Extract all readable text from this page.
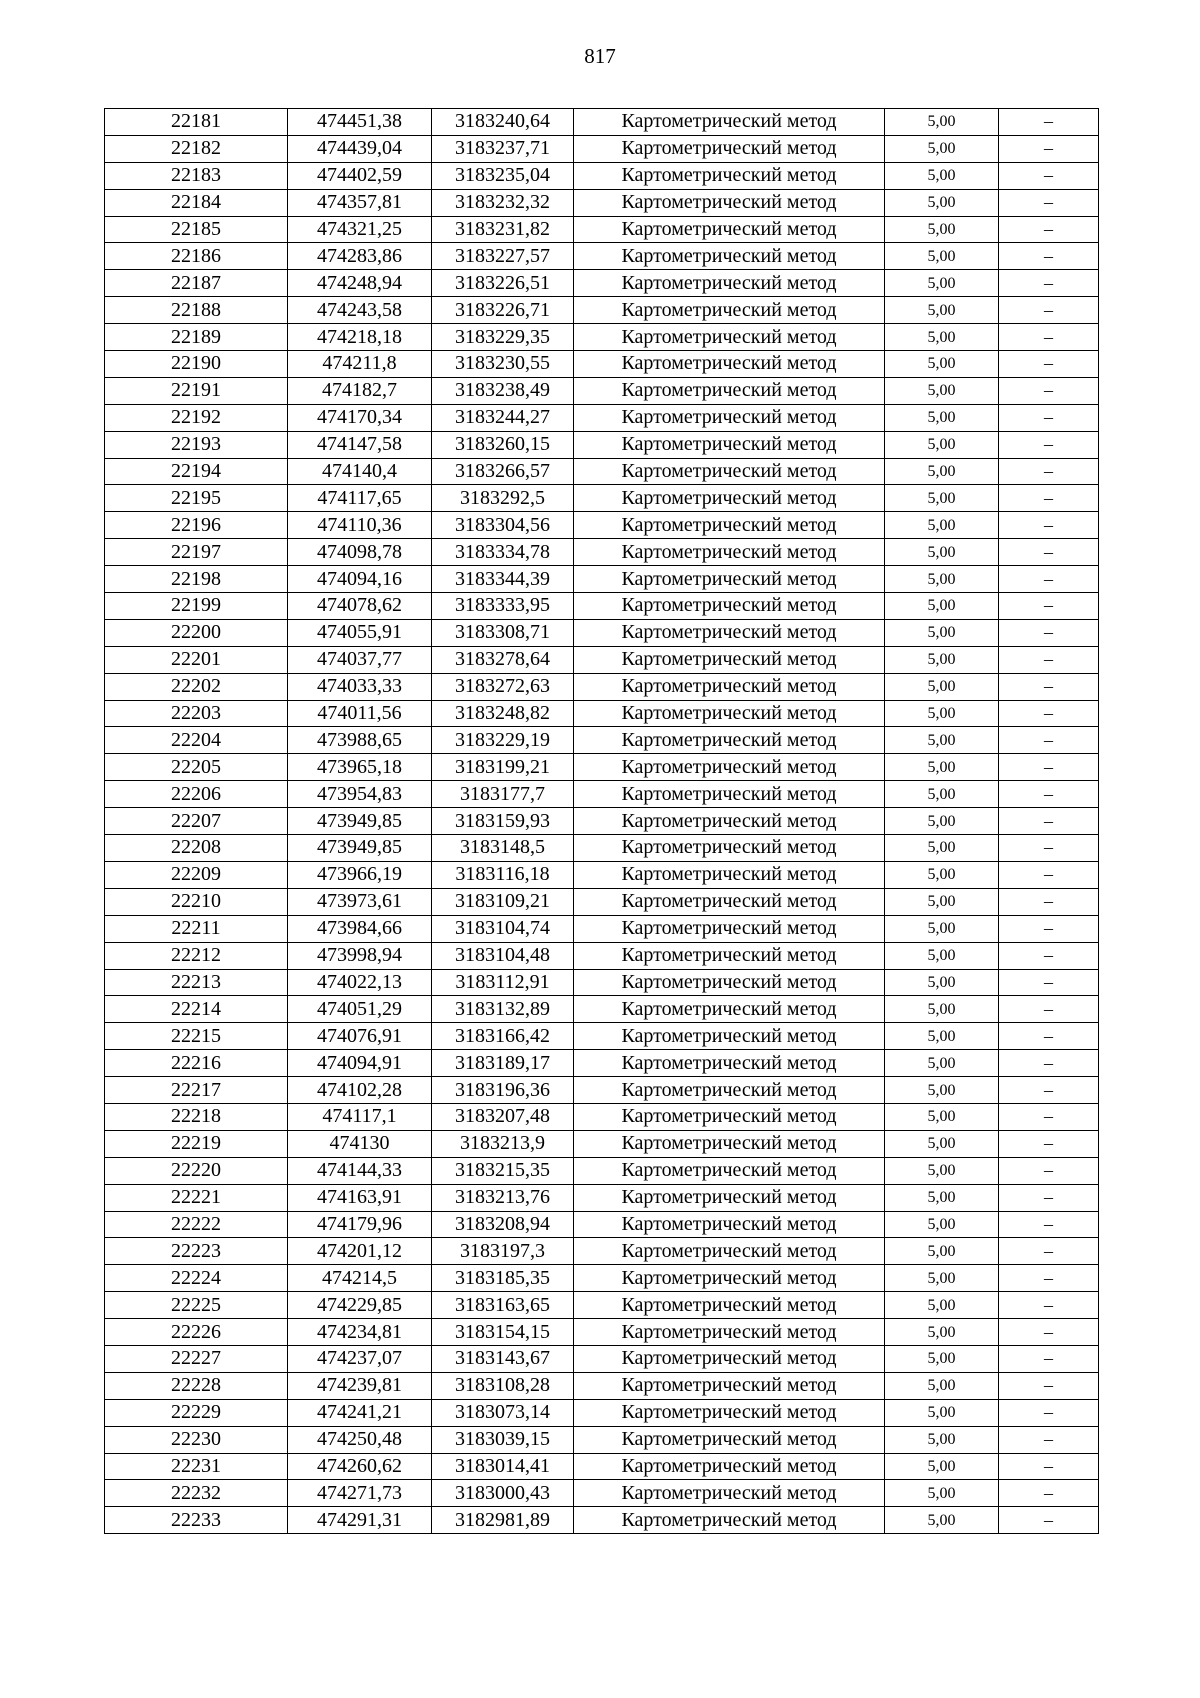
817
22181	474451,38	3183240,64	Картометрический метод	5,00	–
22182	474439,04	3183237,71	Картометрический метод	5,00	–
22183	474402,59	3183235,04	Картометрический метод	5,00	–
22184	474357,81	3183232,32	Картометрический метод	5,00	–
22185	474321,25	3183231,82	Картометрический метод	5,00	–
22186	474283,86	3183227,57	Картометрический метод	5,00	–
22187	474248,94	3183226,51	Картометрический метод	5,00	–
22188	474243,58	3183226,71	Картометрический метод	5,00	–
22189	474218,18	3183229,35	Картометрический метод	5,00	–
22190	474211,8	3183230,55	Картометрический метод	5,00	–
22191	474182,7	3183238,49	Картометрический метод	5,00	–
22192	474170,34	3183244,27	Картометрический метод	5,00	–
22193	474147,58	3183260,15	Картометрический метод	5,00	–
22194	474140,4	3183266,57	Картометрический метод	5,00	–
22195	474117,65	3183292,5	Картометрический метод	5,00	–
22196	474110,36	3183304,56	Картометрический метод	5,00	–
22197	474098,78	3183334,78	Картометрический метод	5,00	–
22198	474094,16	3183344,39	Картометрический метод	5,00	–
22199	474078,62	3183333,95	Картометрический метод	5,00	–
22200	474055,91	3183308,71	Картометрический метод	5,00	–
22201	474037,77	3183278,64	Картометрический метод	5,00	–
22202	474033,33	3183272,63	Картометрический метод	5,00	–
22203	474011,56	3183248,82	Картометрический метод	5,00	–
22204	473988,65	3183229,19	Картометрический метод	5,00	–
22205	473965,18	3183199,21	Картометрический метод	5,00	–
22206	473954,83	3183177,7	Картометрический метод	5,00	–
22207	473949,85	3183159,93	Картометрический метод	5,00	–
22208	473949,85	3183148,5	Картометрический метод	5,00	–
22209	473966,19	3183116,18	Картометрический метод	5,00	–
22210	473973,61	3183109,21	Картометрический метод	5,00	–
22211	473984,66	3183104,74	Картометрический метод	5,00	–
22212	473998,94	3183104,48	Картометрический метод	5,00	–
22213	474022,13	3183112,91	Картометрический метод	5,00	–
22214	474051,29	3183132,89	Картометрический метод	5,00	–
22215	474076,91	3183166,42	Картометрический метод	5,00	–
22216	474094,91	3183189,17	Картометрический метод	5,00	–
22217	474102,28	3183196,36	Картометрический метод	5,00	–
22218	474117,1	3183207,48	Картометрический метод	5,00	–
22219	474130	3183213,9	Картометрический метод	5,00	–
22220	474144,33	3183215,35	Картометрический метод	5,00	–
22221	474163,91	3183213,76	Картометрический метод	5,00	–
22222	474179,96	3183208,94	Картометрический метод	5,00	–
22223	474201,12	3183197,3	Картометрический метод	5,00	–
22224	474214,5	3183185,35	Картометрический метод	5,00	–
22225	474229,85	3183163,65	Картометрический метод	5,00	–
22226	474234,81	3183154,15	Картометрический метод	5,00	–
22227	474237,07	3183143,67	Картометрический метод	5,00	–
22228	474239,81	3183108,28	Картометрический метод	5,00	–
22229	474241,21	3183073,14	Картометрический метод	5,00	–
22230	474250,48	3183039,15	Картометрический метод	5,00	–
22231	474260,62	3183014,41	Картометрический метод	5,00	–
22232	474271,73	3183000,43	Картометрический метод	5,00	–
22233	474291,31	3182981,89	Картометрический метод	5,00	–
